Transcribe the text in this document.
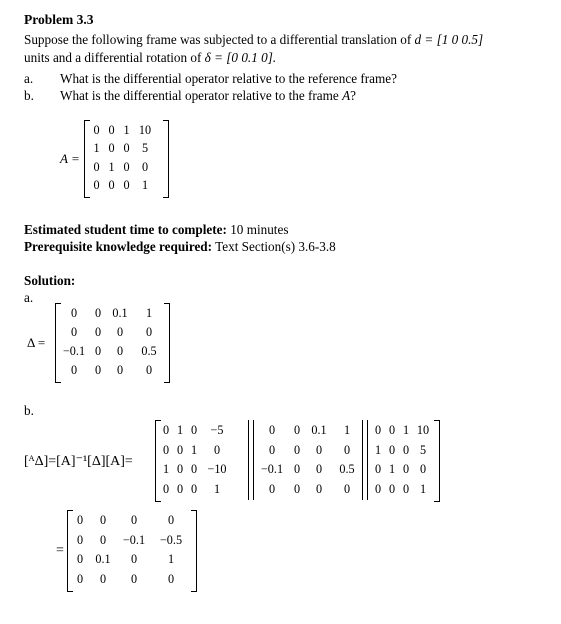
Problem 3.3
Suppose the following frame was subjected to a differential translation of d = [1 0 0.5]
units and a differential rotation of δ = [0 0.1 0].
a. What is the differential operator relative to the reference frame?
b. What is the differential operator relative to the frame A?
A =
0	0	1	10
1	0	0	5
0	1	0	0
0	0	0	1
Estimated student time to complete: 10 minutes
Prerequisite knowledge required: Text Section(s) 3.6-3.8
Solution:
a.
Δ =
0	0	0.1	1
0	0	0	0
−0.1	0	0	0.5
0	0	0	0
b.
[ᴬΔ]=[A]⁻¹[Δ][A]=
0	1	0	−5
0	0	1	0
1	0	0	−10
0	0	0	1
0	0	0.1	1
0	0	0	0
−0.1	0	0	0.5
0	0	0	0
0	0	1	10
1	0	0	5
0	1	0	0
0	0	0	1
=
0	0	0	0
0	0	−0.1	−0.5
0	0.1	0	1
0	0	0	0
